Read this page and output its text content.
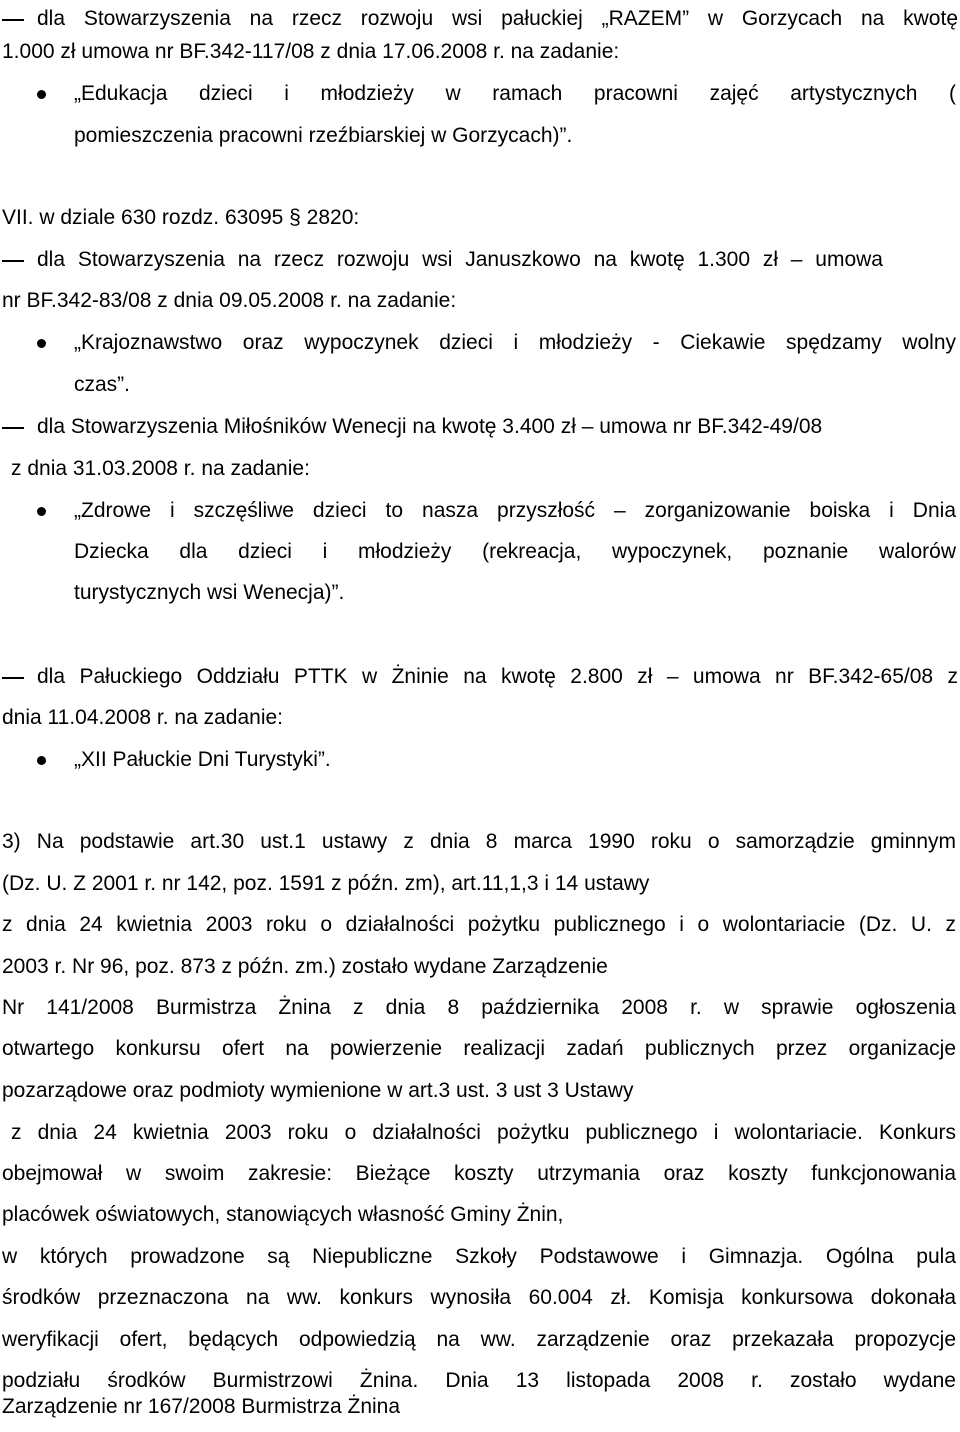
dla Stowarzyszenia na rzecz rozwoju wsi pałuckiej „RAZEM” w Gorzycach na kwotę
1.000 zł umowa nr BF.342-117/08 z dnia 17.06.2008 r. na zadanie:
„Edukacja dzieci i młodzieży w ramach pracowni zajęć artystycznych (
pomieszczenia pracowni rzeźbiarskiej w Gorzycach)”.
VII. w dziale 630 rozdz. 63095 § 2820:
dla Stowarzyszenia na rzecz rozwoju wsi Januszkowo na kwotę 1.300 zł – umowa
nr BF.342-83/08 z dnia 09.05.2008 r. na zadanie:
„Krajoznawstwo oraz wypoczynek dzieci i młodzieży - Ciekawie spędzamy wolny
czas”.
dla Stowarzyszenia Miłośników Wenecji na kwotę 3.400 zł – umowa nr BF.342-49/08
z dnia 31.03.2008 r. na zadanie:
„Zdrowe i szczęśliwe dzieci to nasza przyszłość – zorganizowanie boiska i Dnia
Dziecka dla dzieci i młodzieży (rekreacja, wypoczynek, poznanie walorów
turystycznych wsi Wenecja)”.
dla Pałuckiego Oddziału PTTK w Żninie na kwotę 2.800 zł – umowa nr BF.342-65/08 z
dnia 11.04.2008 r. na zadanie:
„XII Pałuckie Dni Turystyki”.
3) Na podstawie art.30 ust.1 ustawy z dnia 8 marca 1990 roku o samorządzie gminnym
(Dz. U. Z 2001 r. nr 142, poz. 1591 z późn. zm), art.11,1,3 i 14 ustawy
z dnia 24 kwietnia 2003 roku o działalności pożytku publicznego i o wolontariacie (Dz. U. z
2003 r. Nr 96, poz. 873 z późn. zm.) zostało wydane Zarządzenie
Nr 141/2008 Burmistrza Żnina z dnia 8 października 2008 r. w sprawie ogłoszenia
otwartego konkursu ofert na powierzenie realizacji zadań publicznych przez organizacje
pozarządowe oraz podmioty wymienione w art.3 ust. 3 ust 3 Ustawy
z dnia 24 kwietnia 2003 roku o działalności pożytku publicznego i wolontariacie. Konkurs
obejmował w swoim zakresie: Bieżące koszty utrzymania oraz koszty funkcjonowania
placówek oświatowych, stanowiących własność Gminy Żnin,
w których prowadzone są Niepubliczne Szkoły Podstawowe i Gimnazja. Ogólna pula
środków przeznaczona na ww. konkurs wynosiła 60.004 zł. Komisja konkursowa dokonała
weryfikacji ofert, będących odpowiedzią na ww. zarządzenie oraz przekazała propozycje
podziału środków Burmistrzowi Żnina. Dnia 13 listopada 2008 r. zostało wydane
Zarządzenie nr 167/2008 Burmistrza Żnina
